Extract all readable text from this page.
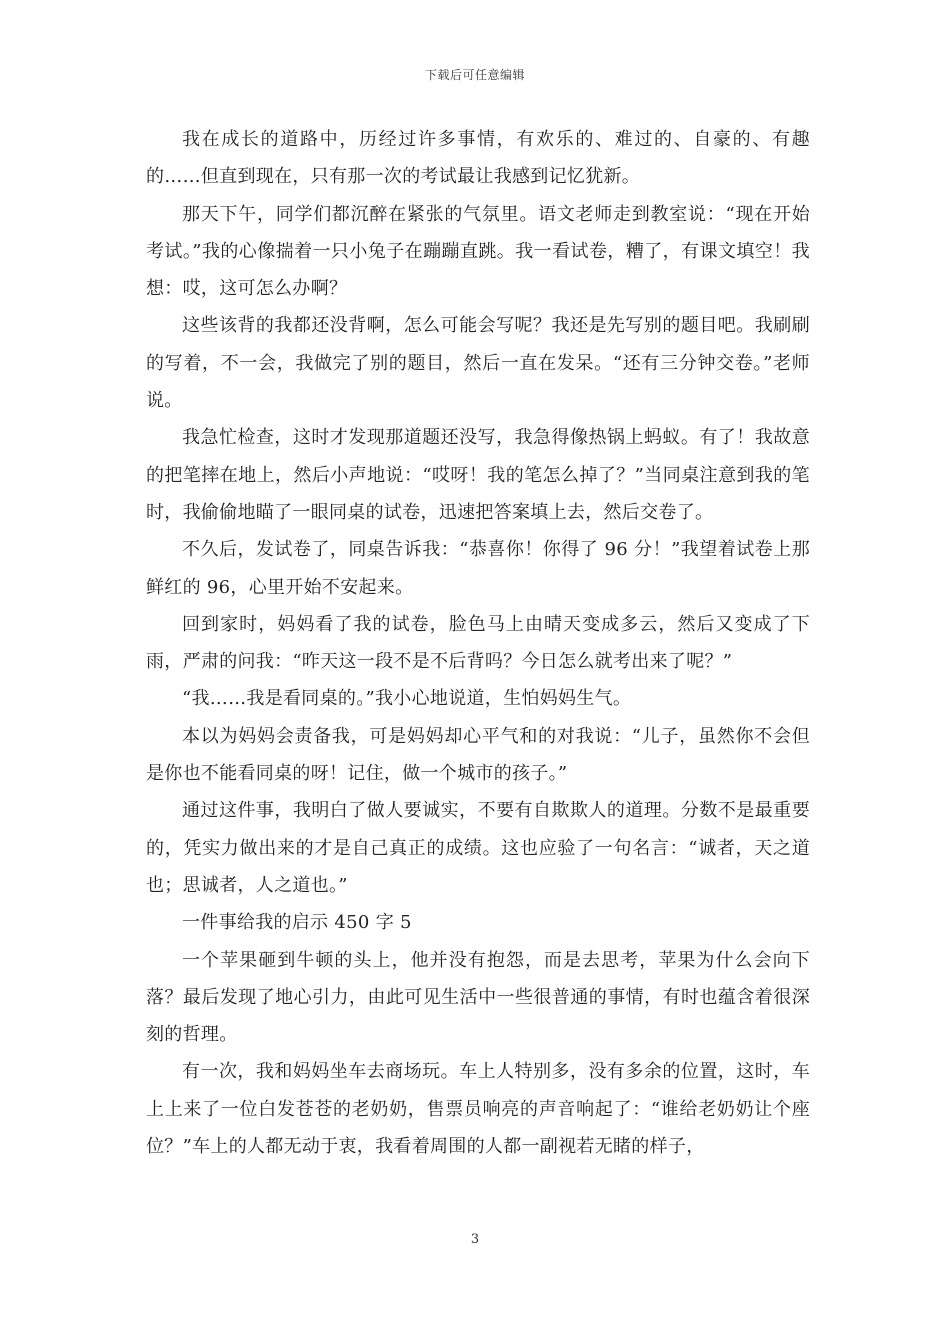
下载后可任意编辑

我在成长的道路中，历经过许多事情，有欢乐的、难过的、自豪的、有趣的……但直到现在，只有那一次的考试最让我感到记忆犹新。

那天下午，同学们都沉醉在紧张的气氛里。语文老师走到教室说：“现在开始考试。”我的心像揣着一只小兔子在蹦蹦直跳。我一看试卷，糟了，有课文填空！我想：哎，这可怎么办啊？

这些该背的我都还没背啊，怎么可能会写呢？我还是先写别的题目吧。我刷刷的写着，不一会，我做完了别的题目，然后一直在发呆。“还有三分钟交卷。”老师说。

我急忙检查，这时才发现那道题还没写，我急得像热锅上蚂蚁。有了！我故意的把笔摔在地上，然后小声地说：“哎呀！我的笔怎么掉了？”当同桌注意到我的笔时，我偷偷地瞄了一眼同桌的试卷，迅速把答案填上去，然后交卷了。

不久后，发试卷了，同桌告诉我：“恭喜你！你得了 96 分！”我望着试卷上那鲜红的 96，心里开始不安起来。

回到家时，妈妈看了我的试卷，脸色马上由晴天变成多云，然后又变成了下雨，严肃的问我：“昨天这一段不是不后背吗？今日怎么就考出来了呢？”

“我……我是看同桌的。”我小心地说道，生怕妈妈生气。

本以为妈妈会责备我，可是妈妈却心平气和的对我说：“儿子，虽然你不会但是你也不能看同桌的呀！记住，做一个城市的孩子。”

通过这件事，我明白了做人要诚实，不要有自欺欺人的道理。分数不是最重要的，凭实力做出来的才是自己真正的成绩。这也应验了一句名言：“诚者，天之道也；思诚者，人之道也。”

一件事给我的启示 450 字 5

一个苹果砸到牛顿的头上，他并没有抱怨，而是去思考，苹果为什么会向下落？最后发现了地心引力，由此可见生活中一些很普通的事情，有时也蕴含着很深刻的哲理。

有一次，我和妈妈坐车去商场玩。车上人特别多，没有多余的位置，这时，车上上来了一位白发苍苍的老奶奶，售票员响亮的声音响起了：“谁给老奶奶让个座位？”车上的人都无动于衷，我看着周围的人都一副视若无睹的样子，

3
